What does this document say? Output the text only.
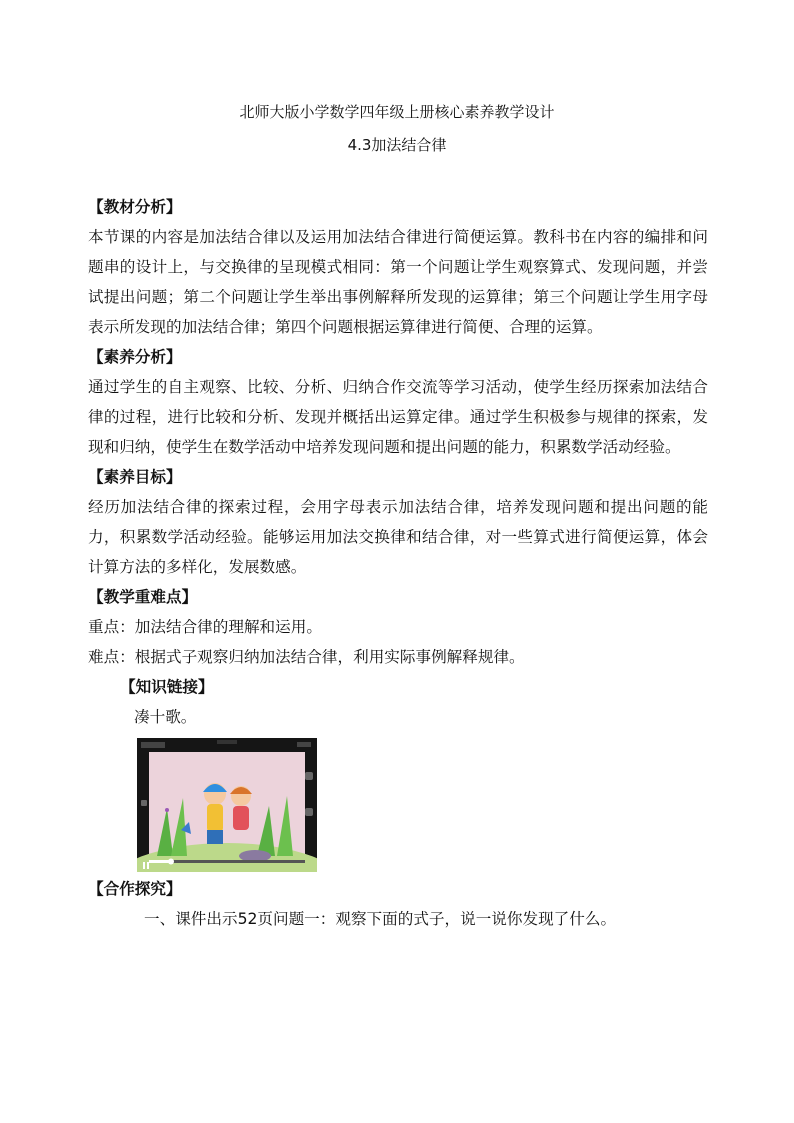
北师大版小学数学四年级上册核心素养教学设计
4.3加法结合律
【教材分析】
本节课的内容是加法结合律以及运用加法结合律进行简便运算。教科书在内容的编排和问题串的设计上，与交换律的呈现模式相同：第一个问题让学生观察算式、发现问题，并尝试提出问题；第二个问题让学生举出事例解释所发现的运算律；第三个问题让学生用字母表示所发现的加法结合律；第四个问题根据运算律进行简便、合理的运算。
【素养分析】
通过学生的自主观察、比较、分析、归纳合作交流等学习活动，使学生经历探索加法结合律的过程，进行比较和分析、发现并概括出运算定律。通过学生积极参与规律的探索，发现和归纳，使学生在数学活动中培养发现问题和提出问题的能力，积累数学活动经验。
【素养目标】
经历加法结合律的探索过程，会用字母表示加法结合律，培养发现问题和提出问题的能力，积累数学活动经验。能够运用加法交换律和结合律，对一些算式进行简便运算，体会计算方法的多样化，发展数感。
【教学重难点】
重点：加法结合律的理解和运用。
难点：根据式子观察归纳加法结合律，利用实际事例解释规律。
【知识链接】
凑十歌。
【合作探究】
一、课件出示52页问题一：观察下面的式子，说一说你发现了什么。
